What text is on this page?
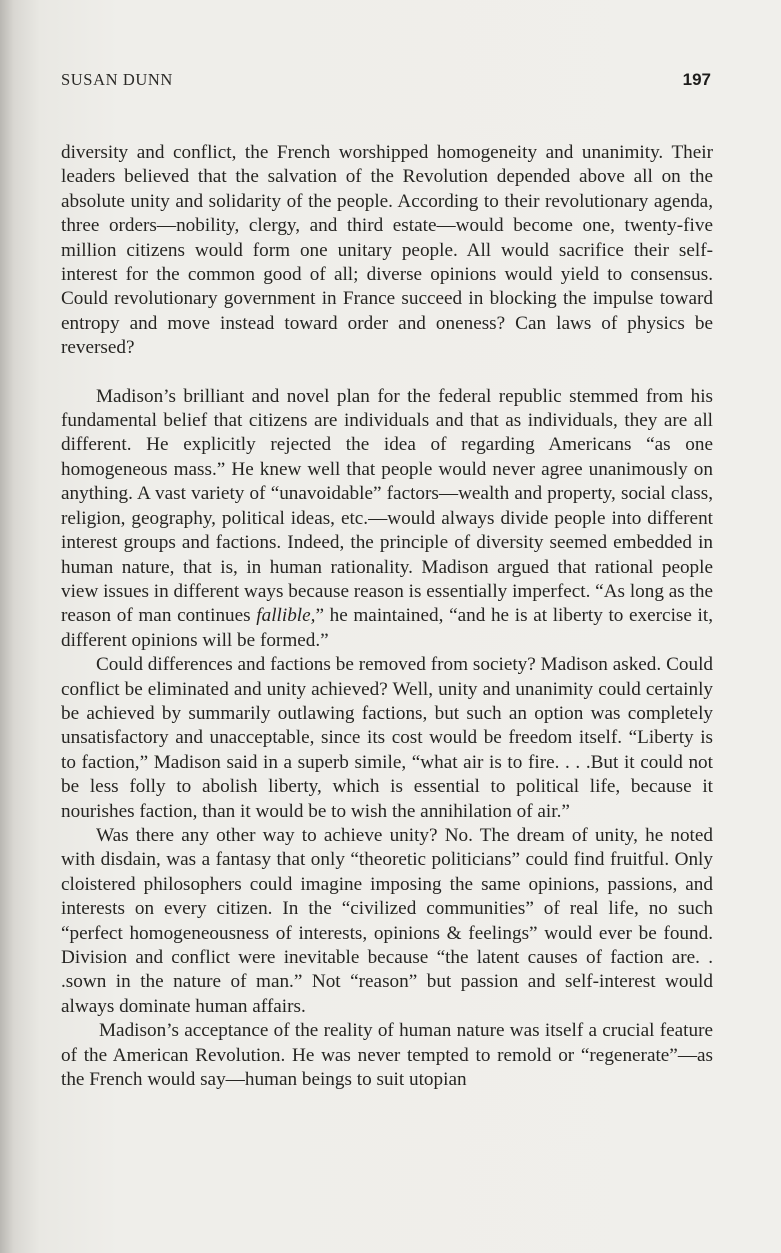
SUSAN DUNN	197

diversity and conflict, the French worshipped homogeneity and unanimity. Their leaders believed that the salvation of the Revolution depended above all on the absolute unity and solidarity of the people. According to their revolutionary agenda, three orders—nobility, clergy, and third estate—would become one, twenty-five million citizens would form one unitary people. All would sacrifice their self-interest for the common good of all; diverse opinions would yield to consensus. Could revolutionary government in France succeed in blocking the impulse toward entropy and move instead toward order and oneness? Can laws of physics be reversed?

Madison’s brilliant and novel plan for the federal republic stemmed from his fundamental belief that citizens are individuals and that as individuals, they are all different. He explicitly rejected the idea of regarding Americans “as one homogeneous mass.” He knew well that people would never agree unanimously on anything. A vast variety of “unavoidable” factors—wealth and property, social class, religion, geography, political ideas, etc.—would always divide people into different interest groups and factions. Indeed, the principle of diversity seemed embedded in human nature, that is, in human rationality. Madison argued that rational people view issues in different ways because reason is essentially imperfect. “As long as the reason of man continues fallible,” he maintained, “and he is at liberty to exercise it, different opinions will be formed.”

Could differences and factions be removed from society? Madison asked. Could conflict be eliminated and unity achieved? Well, unity and unanimity could certainly be achieved by summarily outlawing factions, but such an option was completely unsatisfactory and unacceptable, since its cost would be freedom itself. “Liberty is to faction,” Madison said in a superb simile, “what air is to fire. . . .But it could not be less folly to abolish liberty, which is essential to political life, because it nourishes faction, than it would be to wish the annihilation of air.”

Was there any other way to achieve unity? No. The dream of unity, he noted with disdain, was a fantasy that only “theoretic politicians” could find fruitful. Only cloistered philosophers could imagine imposing the same opinions, passions, and interests on every citizen. In the “civilized communities” of real life, no such “perfect homogeneousness of interests, opinions & feelings” would ever be found. Division and conflict were inevitable because “the latent causes of faction are. . .sown in the nature of man.” Not “reason” but passion and self-interest would always dominate human affairs.

Madison’s acceptance of the reality of human nature was itself a crucial feature of the American Revolution. He was never tempted to remold or “regenerate”—as the French would say—human beings to suit utopian
